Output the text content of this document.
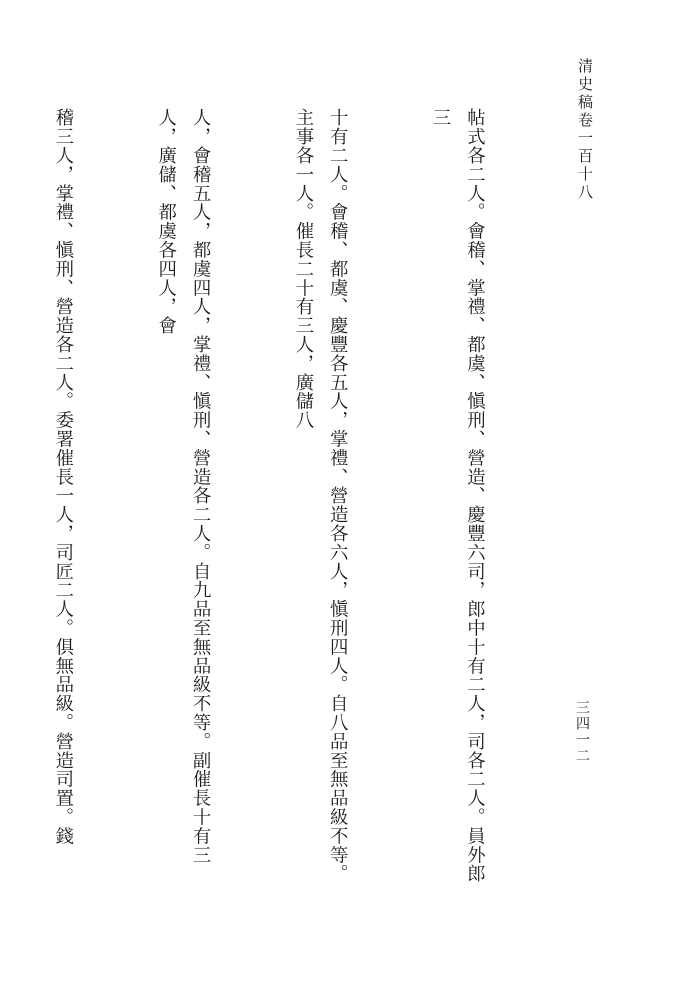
清史稿卷一百十八
三四一二

帖式各二人。會稽、掌禮、都虞、愼刑、營造、慶豐六司，郎中十有二人，司各二人。員外郎三

十有二人。會稽、都虞、慶豐各五人，掌禮、營造各六人，愼刑四人。自八品至無品級不等。主事各一人。催長二十有三人，廣儲八

人，會稽五人，都虞四人，掌禮、愼刑、營造各二人。自九品至無品級不等。副催長十有三人，廣儲、都虞各四人，會

稽三人，掌禮、愼刑、營造各二人。委署催長一人，司匠二人。俱無品級。營造司置。錢
